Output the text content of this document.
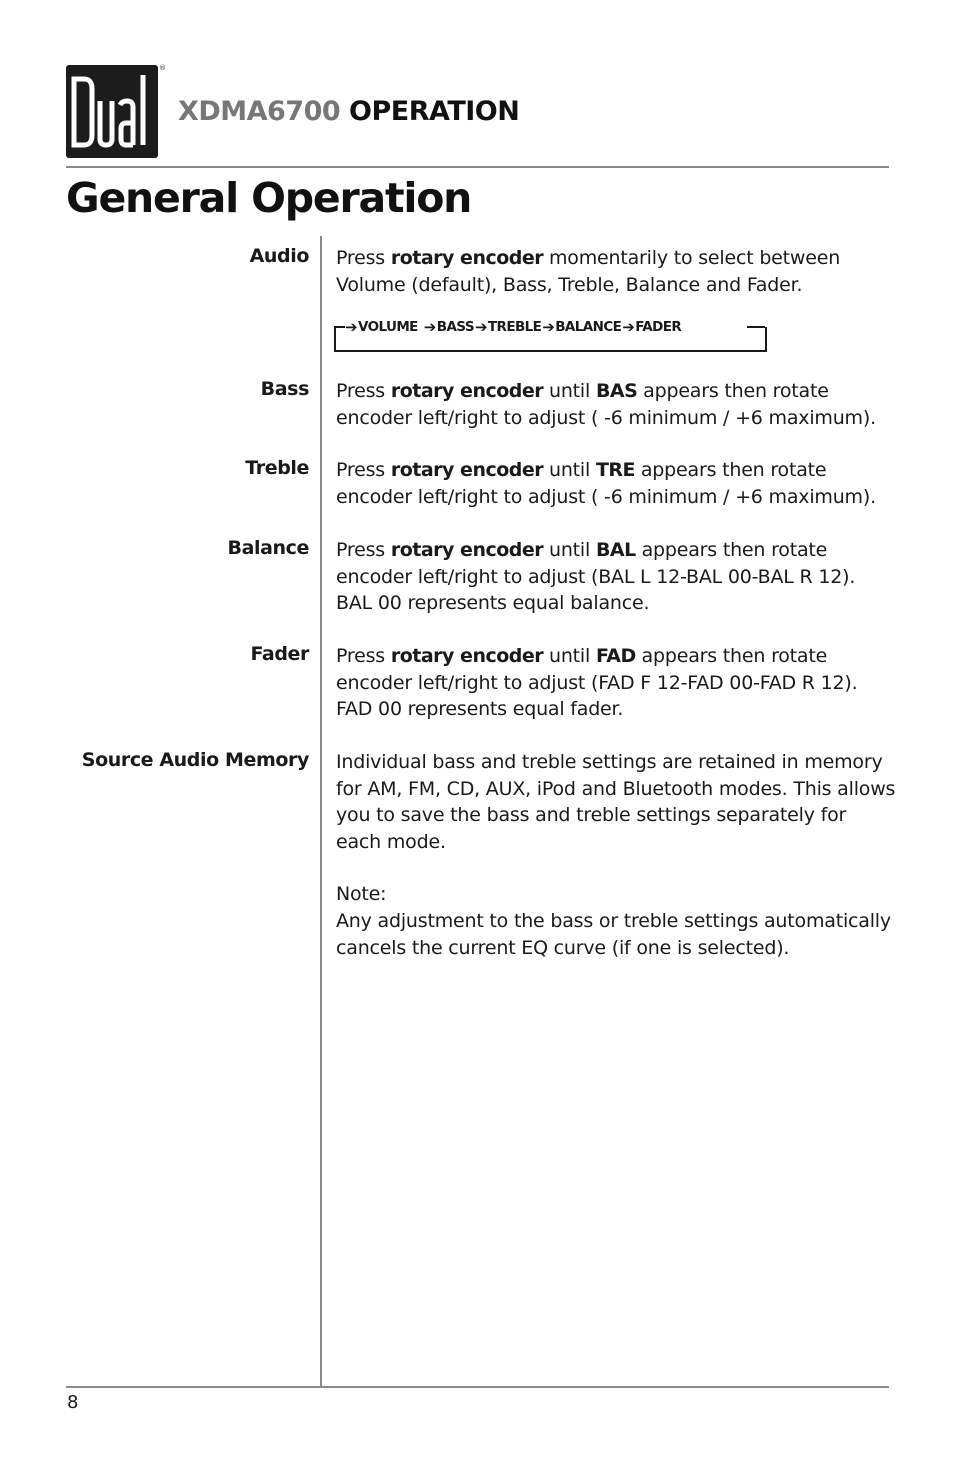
®
XDMA6700 OPERATION
General Operation
Audio Press rotary encoder momentarily to select between Volume (default), Bass, Treble, Balance and Fader.
➔ VOLUME ➔ BASS ➔ TREBLE ➔ BALANCE ➔ FADER
Bass Press rotary encoder until BAS appears then rotate encoder left/right to adjust ( -6 minimum / +6 maximum).
Treble Press rotary encoder until TRE appears then rotate encoder left/right to adjust ( -6 minimum / +6 maximum).
Balance Press rotary encoder until BAL appears then rotate encoder left/right to adjust (BAL L 12-BAL 00-BAL R 12). BAL 00 represents equal balance.
Fader Press rotary encoder until FAD appears then rotate encoder left/right to adjust (FAD F 12-FAD 00-FAD R 12). FAD 00 represents equal fader.
Source Audio Memory Individual bass and treble settings are retained in memory for AM, FM, CD, AUX, iPod and Bluetooth modes. This allows you to save the bass and treble settings separately for each mode.
Note:
Any adjustment to the bass or treble settings automatically cancels the current EQ curve (if one is selected).
8
